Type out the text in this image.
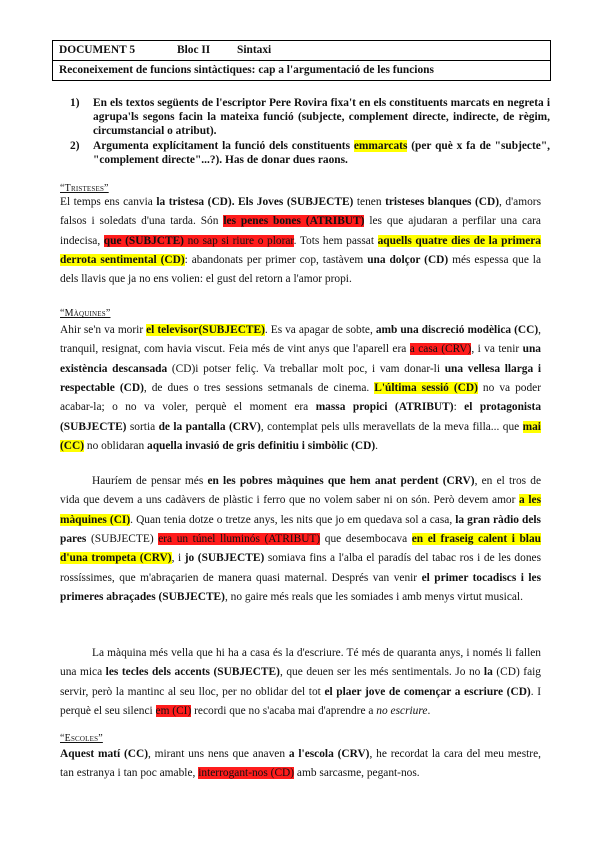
DOCUMENT 5	Bloc II Sintaxi
Reconeixement de funcions sintàctiques: cap a l'argumentació de les funcions
1) En els textos següents de l'escriptor Pere Rovira fixa't en els constituents marcats en negreta i agrupa'ls segons facin la mateixa funció (subjecte, complement directe, indirecte, de règim, circumstancial o atribut).
2) Argumenta explícitament la funció dels constituents emmarcats (per què x fa de "subjecte", "complement directe"...?). Has de donar dues raons.
“Tristeses”

El temps ens canvia la tristesa (CD). Els Joves (SUBJECTE) tenen tristeses blanques (CD), d'amors falsos i soledats d'una tarda. Són les penes bones (ATRIBUT) les que ajudaran a perfilar una cara indecisa, que (SUBJCTE) no sap si riure o plorar. Tots hem passat aquells quatre dies de la primera derrota sentimental (CD): abandonats per primer cop, tastàvem una dolçor (CD) més espessa que la dels llavis que ja no ens volien: el gust del retorn a l'amor propi.

“Màquines”

Ahir se'n va morir el televisor(SUBJECTE). Es va apagar de sobte, amb una discreció modèlica (CC), tranquil, resignat, com havia viscut. Feia més de vint anys que l'aparell era a casa (CRV), i va tenir una existència descansada (CD)i potser feliç. Va treballar molt poc, i vam donar-li una vellesa llarga i respectable (CD), de dues o tres sessions setmanals de cinema. L'última sessió (CD) no va poder acabar-la; o no va voler, perquè el moment era massa propici (ATRIBUT): el protagonista (SUBJECTE) sortia de la pantalla (CRV), contemplat pels ulls meravellats de la meva filla... que mai (CC) no oblidaran aquella invasió de gris definitiu i simbòlic (CD).

Hauríem de pensar més en les pobres màquines que hem anat perdent (CRV), en el tros de vida que devem a uns cadàvers de plàstic i ferro que no volem saber ni on són. Però devem amor a les màquines (CI). Quan tenia dotze o tretze anys, les nits que jo em quedava sol a casa, la gran ràdio dels pares (SUBJECTE) era un túnel lluminós (ATRIBUT) que desembocava en el fraseig calent i blau d'una trompeta (CRV), i jo (SUBJECTE) somiava fins a l'alba el paradís del tabac ros i de les dones rossíssimes, que m'abraçarien de manera quasi maternal. Després van venir el primer tocadiscs i les primeres abraçades (SUBJECTE), no gaire més reals que les somiades i amb menys virtut musical.

La màquina més vella que hi ha a casa és la d'escriure. Té més de quaranta anys, i només li fallen una mica les tecles dels accents (SUBJECTE), que deuen ser les més sentimentals. Jo no la (CD) faig servir, però la mantinc al seu lloc, per no oblidar del tot el plaer jove de començar a escriure (CD). I perquè el seu silenci em (CI) recordi que no s'acaba mai d'aprendre a no escriure.

“Escoles”

Aquest matí (CC), mirant uns nens que anaven a l'escola (CRV), he recordat la cara del meu mestre, tan estranya i tan poc amable, interrogant-nos (CD) amb sarcasme, pegant-nos.
